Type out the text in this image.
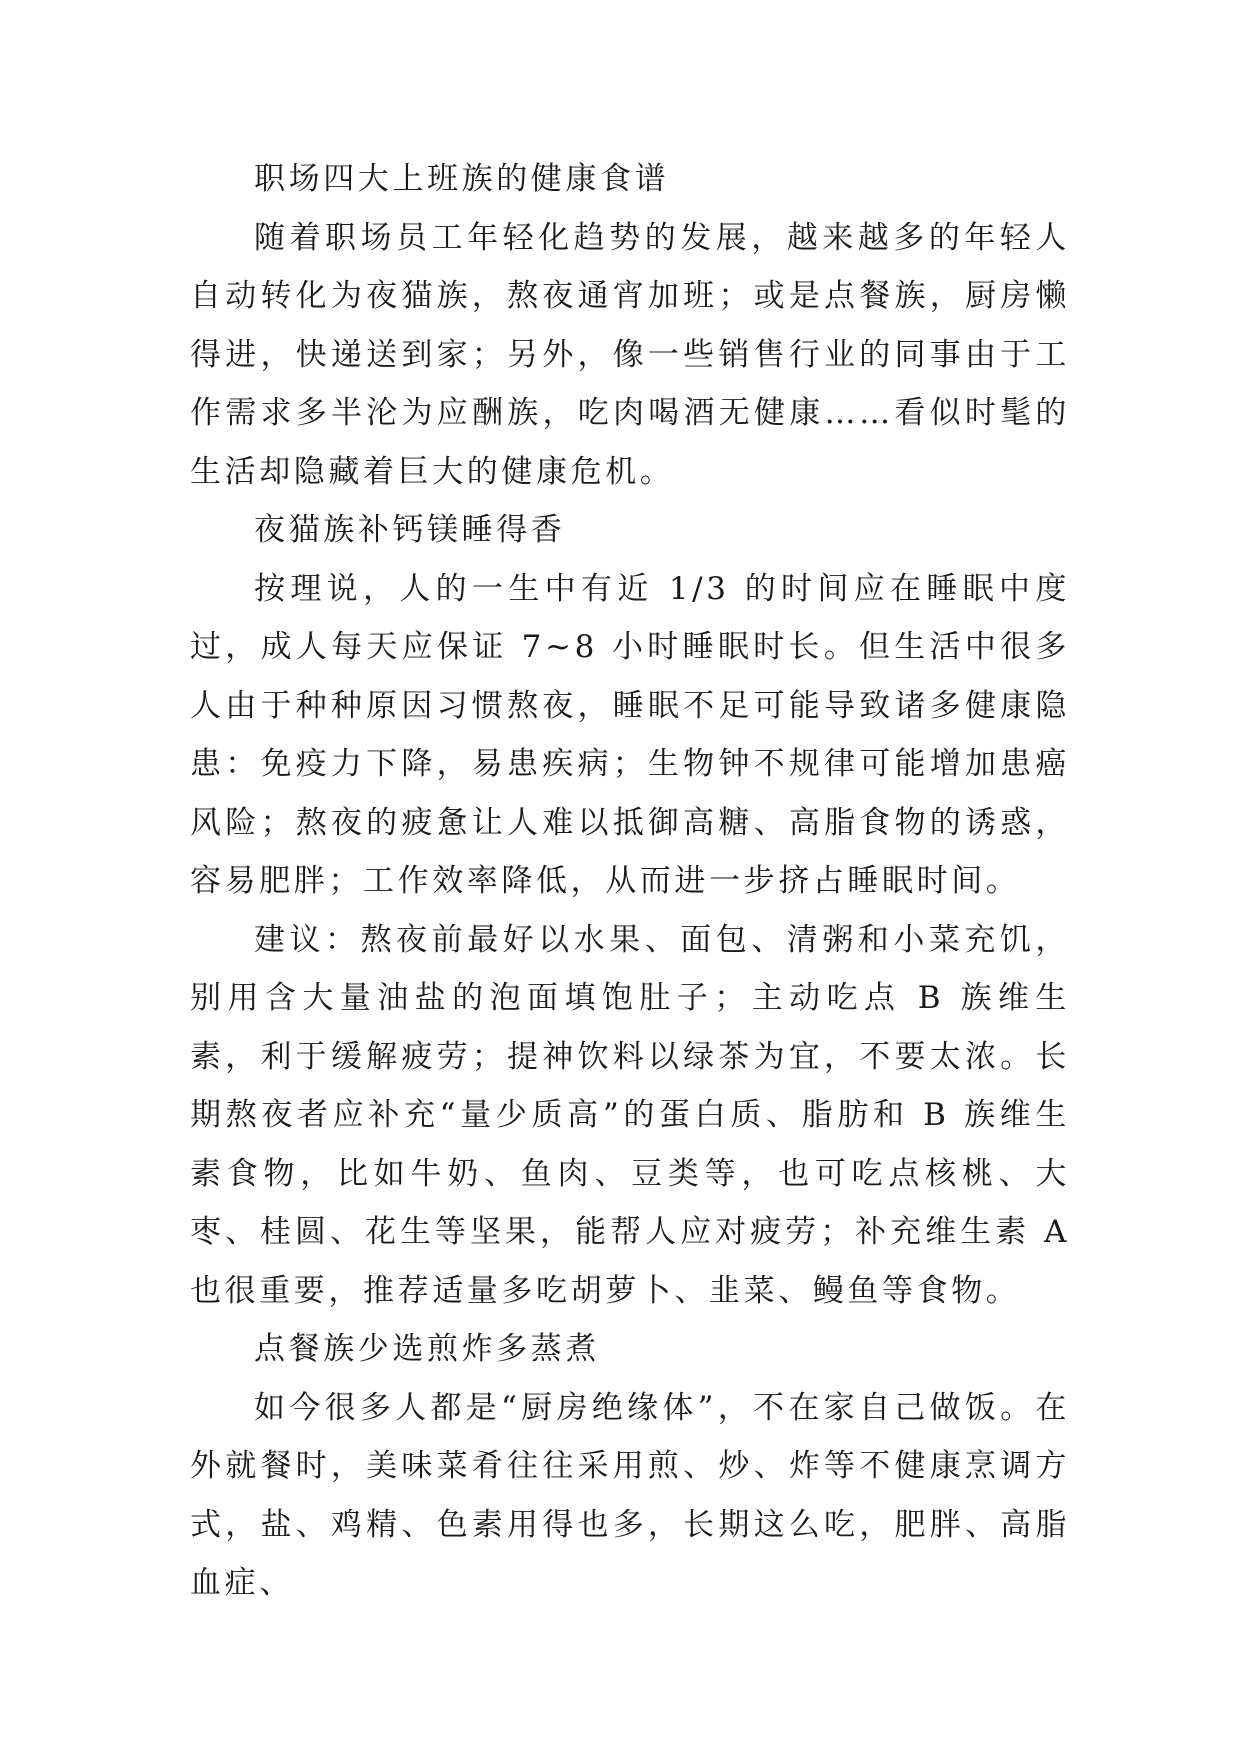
职场四大上班族的健康食谱

随着职场员工年轻化趋势的发展，越来越多的年轻人自动转化为夜猫族，熬夜通宵加班；或是点餐族，厨房懒得进，快递送到家；另外，像一些销售行业的同事由于工作需求多半沦为应酬族，吃肉喝酒无健康……看似时髦的生活却隐藏着巨大的健康危机。

夜猫族补钙镁睡得香

按理说，人的一生中有近 1/3 的时间应在睡眠中度过，成人每天应保证 7~8 小时睡眠时长。但生活中很多人由于种种原因习惯熬夜，睡眠不足可能导致诸多健康隐患：免疫力下降，易患疾病；生物钟不规律可能增加患癌风险；熬夜的疲惫让人难以抵御高糖、高脂食物的诱惑，容易肥胖；工作效率降低，从而进一步挤占睡眠时间。

建议：熬夜前最好以水果、面包、清粥和小菜充饥，别用含大量油盐的泡面填饱肚子；主动吃点 B 族维生素，利于缓解疲劳；提神饮料以绿茶为宜，不要太浓。长期熬夜者应补充“量少质高”的蛋白质、脂肪和 B 族维生素食物，比如牛奶、鱼肉、豆类等，也可吃点核桃、大枣、桂圆、花生等坚果，能帮人应对疲劳；补充维生素 A 也很重要，推荐适量多吃胡萝卜、韭菜、鳗鱼等食物。

点餐族少选煎炸多蒸煮

如今很多人都是“厨房绝缘体”，不在家自己做饭。在外就餐时，美味菜肴往往采用煎、炒、炸等不健康烹调方式，盐、鸡精、色素用得也多，长期这么吃，肥胖、高脂血症、
